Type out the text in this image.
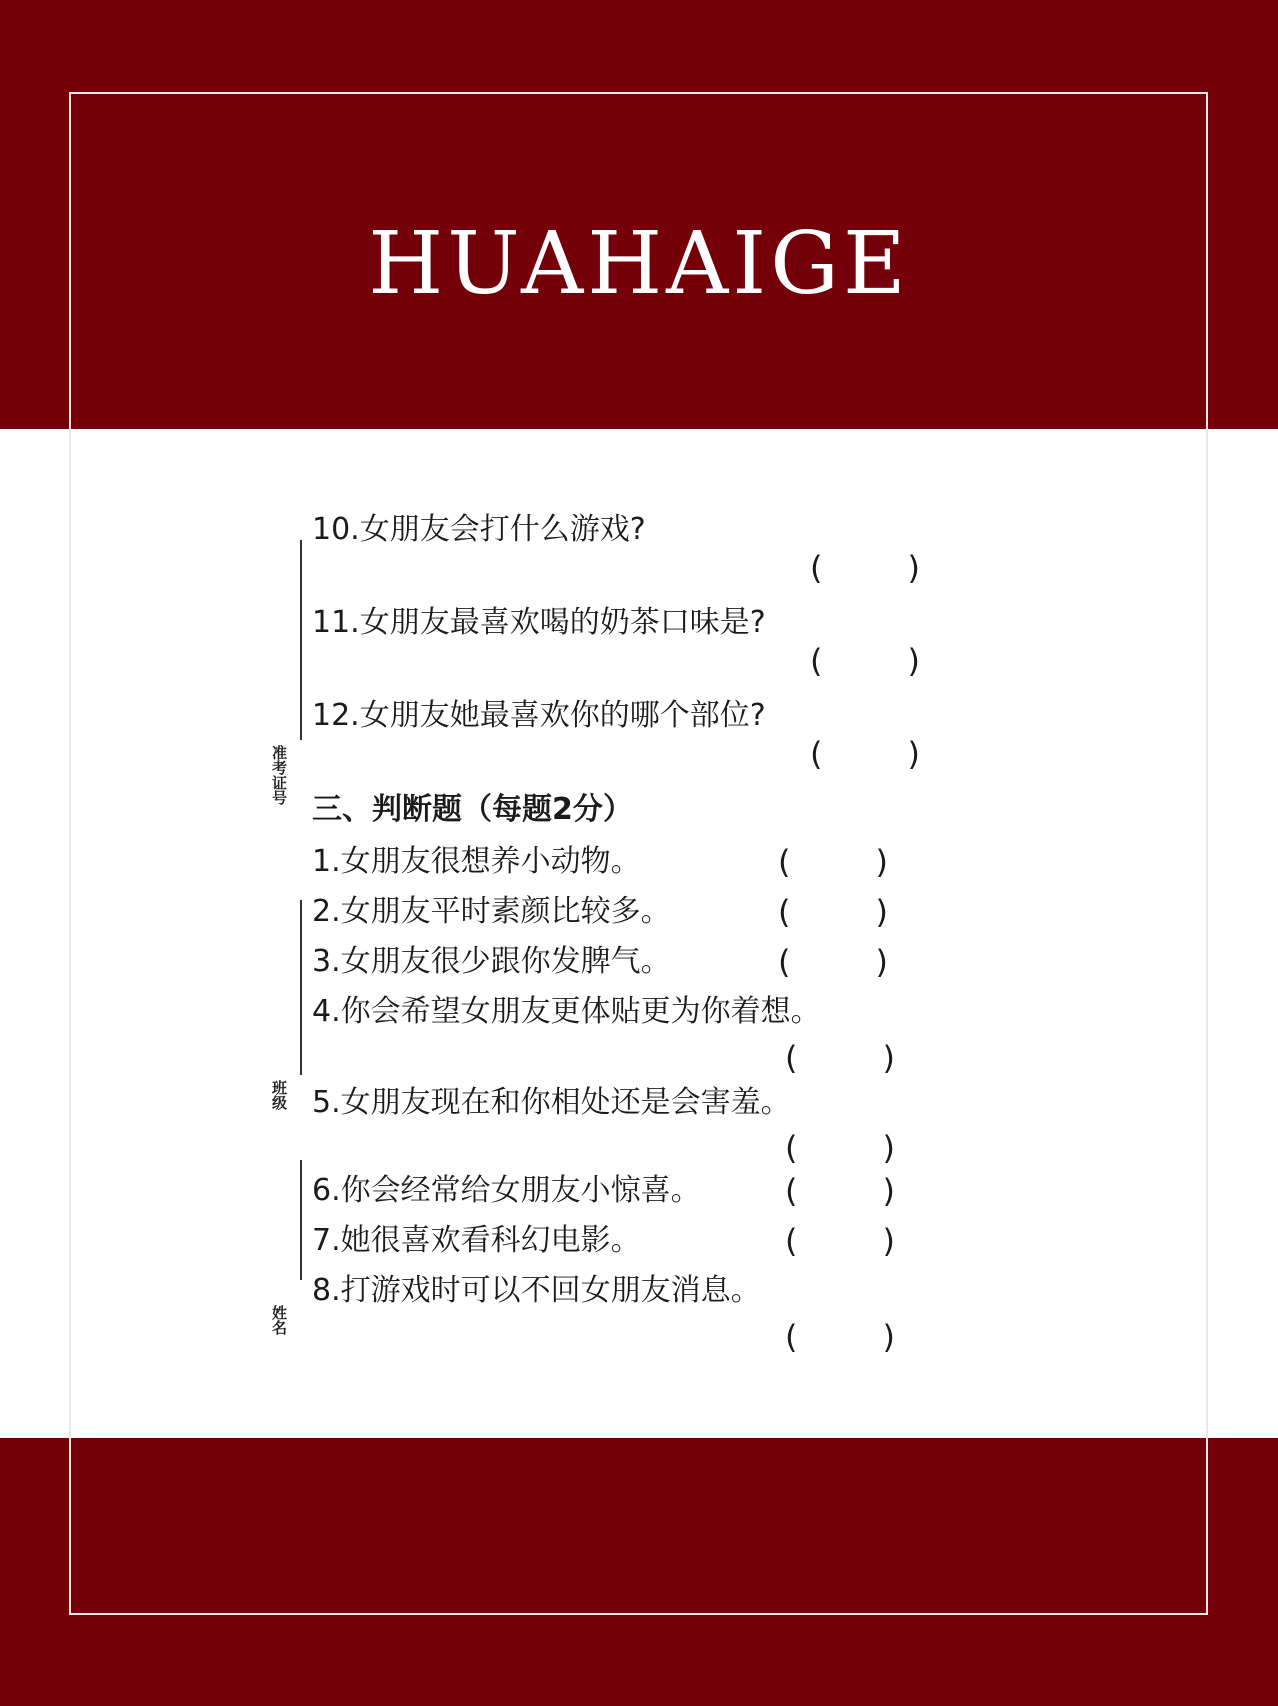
HUAHAIGE
准考证号
班级
姓名
10.女朋友会打什么游戏?
(	)
11.女朋友最喜欢喝的奶茶口味是?
(	)
12.女朋友她最喜欢你的哪个部位?
(	)
三、判断题（每题2分）
1.女朋友很想养小动物。	(	)
2.女朋友平时素颜比较多。	(	)
3.女朋友很少跟你发脾气。	(	)
4.你会希望女朋友更体贴更为你着想。
(	)
5.女朋友现在和你相处还是会害羞。
(	)
6.你会经常给女朋友小惊喜。	(	)
7.她很喜欢看科幻电影。	(	)
8.打游戏时可以不回女朋友消息。
(	)
